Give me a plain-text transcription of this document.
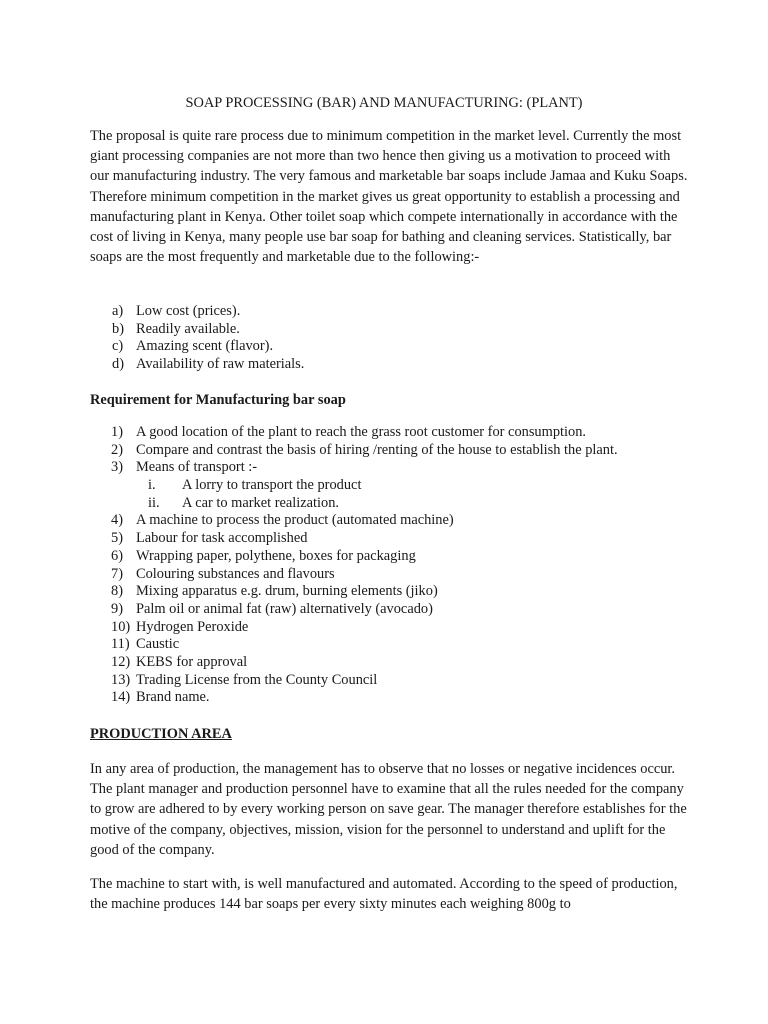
SOAP PROCESSING (BAR) AND MANUFACTURING: (PLANT)

The proposal is quite rare process due to minimum competition in the market level. Currently the most giant processing companies are not more than two hence then giving us a motivation to proceed with our manufacturing industry. The very famous and marketable bar soaps include Jamaa and Kuku Soaps. Therefore minimum competition in the market gives us great opportunity to establish a processing and manufacturing plant in Kenya. Other toilet soap which compete internationally in accordance with the cost of living in Kenya, many people use bar soap for bathing and cleaning services. Statistically, bar soaps are the most frequently and marketable due to the following:-

a) Low cost (prices).
b) Readily available.
c) Amazing scent (flavor).
d) Availability of raw materials.
Requirement for Manufacturing bar soap
1) A good location of the plant to reach the grass root customer for consumption.
2) Compare and contrast the basis of hiring /renting of the house to establish the plant.
3) Means of transport :-
i. A lorry to transport the product
ii. A car to market realization.
4) A machine to process the product (automated machine)
5) Labour for task accomplished
6) Wrapping paper, polythene, boxes for packaging
7) Colouring substances and flavours
8) Mixing apparatus e.g. drum, burning elements (jiko)
9) Palm oil or animal fat (raw) alternatively (avocado)
10) Hydrogen Peroxide
11) Caustic
12) KEBS for approval
13) Trading License from the County Council
14) Brand name.
PRODUCTION AREA

In any area of production, the management has to observe that no losses or negative incidences occur. The plant manager and production personnel have to examine that all the rules needed for the company to grow are adhered to by every working person on save gear. The manager therefore establishes for the motive of the company, objectives, mission, vision for the personnel to understand and uplift for the good of the company.

The machine to start with, is well manufactured and automated. According to the speed of production, the machine produces 144 bar soaps per every sixty minutes each weighing 800g to
